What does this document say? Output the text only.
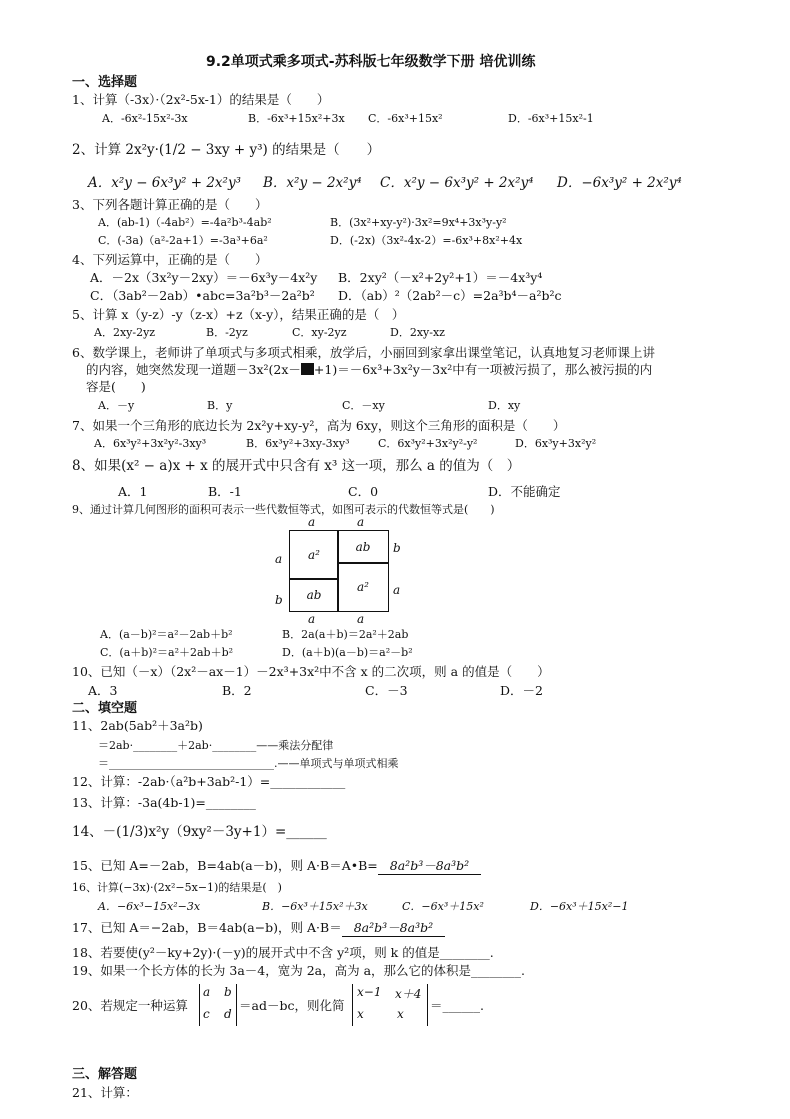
9.2单项式乘多项式-苏科版七年级数学下册 培优训练
一、选择题
1、计算（-3x）·（2x²-5x-1）的结果是（　　）
A．-6x²-15x²-3x	B．-6x³+15x²+3x C．-6x³+15x²	D．-6x³+15x²-1
2、计算 2x²y·(1/2 − 3xy + y³) 的结果是（　　）
A．x²y − 6x³y² + 2x²y³ B．x²y − 2x²y⁴ C．x²y − 6x³y² + 2x²y⁴ D．−6x³y² + 2x²y⁴
3、下列各题计算正确的是（　　）
A．(ab-1)（-4ab²）=-4a²b³-4ab²	B．(3x²+xy-y²)·3x²=9x⁴+3x³y-y²
C．(-3a)（a²-2a+1）=-3a³+6a²	D．(-2x)（3x²-4x-2）=-6x³+8x²+4x
4、下列运算中，正确的是（　　）
A．－2x（3x²y－2xy）＝－6x³y－4x²y B．2xy²（－x²+2y²+1）＝－4x³y⁴
C．（3ab²－2ab）•abc=3a²b³－2a²b² D．（ab）²（2ab²－c）=2a³b⁴－a²b²c
5、计算 x（y-z）-y（z-x）+z（x-y），结果正确的是（　）
A．2xy-2yz	B．-2yz	C．xy-2yz	D．2xy-xz
6、数学课上，老师讲了单项式与多项式相乘，放学后，小丽回到家拿出课堂笔记，认真地复习老师课上讲
的内容，她突然发现一道题－3x²(2x－ +1)＝－6x³+3x²y－3x²中有一项被污损了，那么被污损的内
容是(　　)
A．－y	B．y	C．－xy	D．xy
7、如果一个三角形的底边长为 2x²y+xy-y²，高为 6xy，则这个三角形的面积是（　　）
A．6x³y²+3x²y²-3xy³	B．6x³y²+3xy-3xy³	C．6x³y²+3x²y²-y²	D．6x³y+3x²y²
8、如果(x² − a)x + x 的展开式中只含有 x³ 这一项，那么 a 的值为（　）
A．1	B．-1	C．0	D．不能确定
9、通过计算几何图形的面积可表示一些代数恒等式，如图可表示的代数恒等式是(　　)
a	a
a
b
b
a
a	a
a²
ab
ab
a²
A．(a－b)²＝a²－2ab＋b²	B．2a(a＋b)＝2a²＋2ab
C．(a＋b)²＝a²＋2ab＋b²	D．(a＋b)(a－b)＝a²－b²
10、已知（－x）（2x²－ax－1）－2x³+3x²中不含 x 的二次项，则 a 的值是（　　）
A．3	B．2	C．－3	D．－2
二、填空题
11、2ab(5ab²＋3a²b)
＝2ab·________＋2ab·________——乘法分配律
＝______________________________.——单项式与单项式相乘
12、计算：-2ab·（a²b+3ab²-1）=____________
13、计算：-3a(4b-1)=________
14、－(1/3)x²y（9xy²－3y+1）=______
15、已知 A=－2ab，B=4ab(a－b)，则 A·B＝A•B= 8a²b³－8a³b²
16、计算(−3x)·(2x²−5x−1)的结果是(　)
A．−6x³−15x²−3x	B．−6x³＋15x²＋3x	C．−6x³＋15x²	D．−6x³＋15x²−1
17、已知 A＝−2ab，B＝4ab(a−b)，则 A·B＝ 8a²b³－8a³b²
18、若要使(y²－ky+2y)·(－y)的展开式中不含 y²项，则 k 的值是________.
19、如果一个长方体的长为 3a－4，宽为 2a，高为 a，那么它的体积是________.
20、若规定一种运算
a b
c d
＝ad－bc，则化简
x−1 x＋4
x	x
＝______.
三、解答题
21、计算：
